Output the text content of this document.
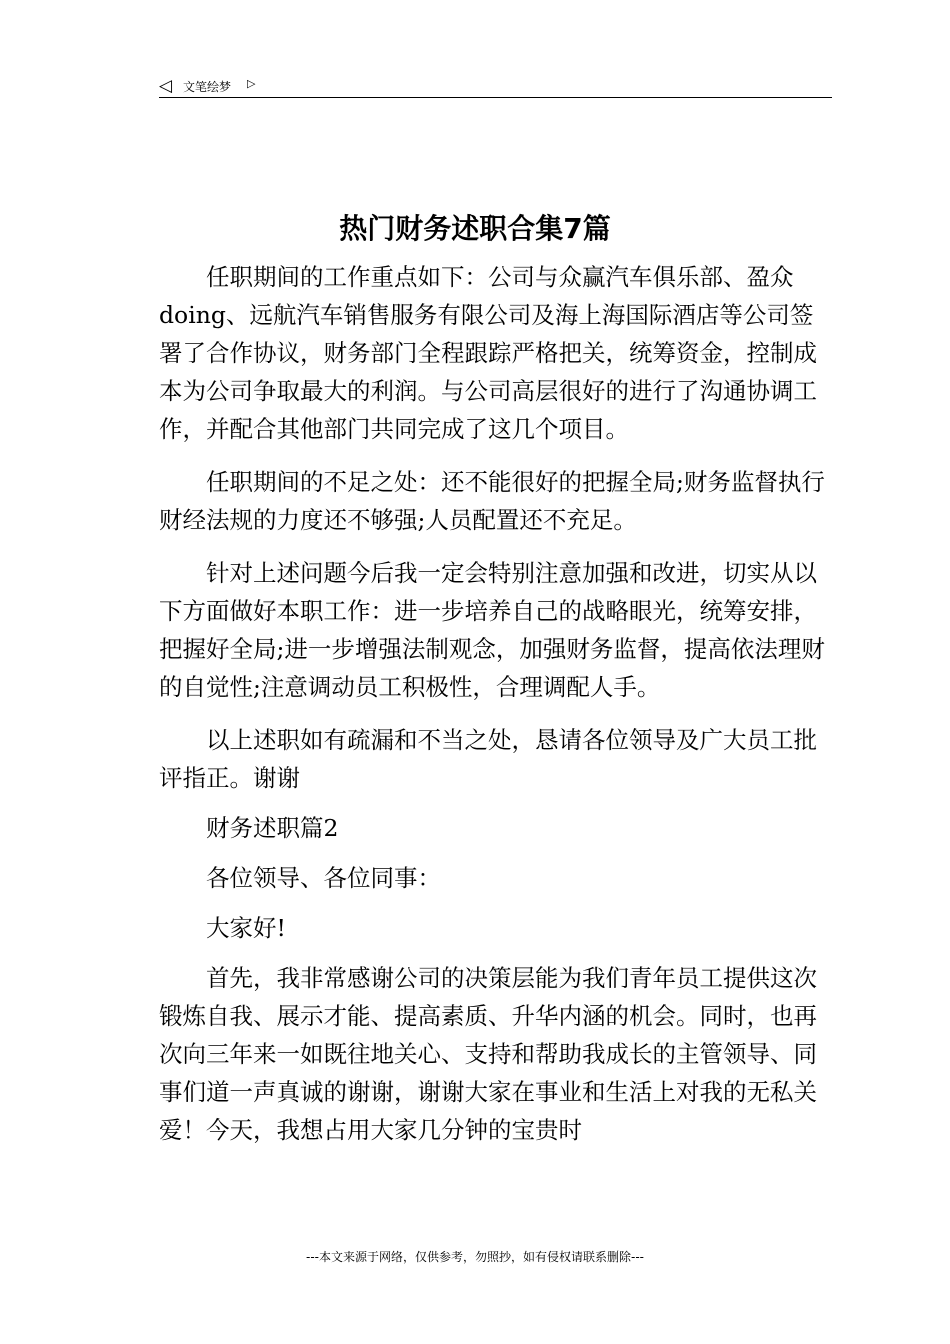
◁ 文笔绘梦 ▷
热门财务述职合集7篇

任职期间的工作重点如下：公司与众赢汽车俱乐部、盈众doing、远航汽车销售服务有限公司及海上海国际酒店等公司签署了合作协议，财务部门全程跟踪严格把关，统筹资金，控制成本为公司争取最大的利润。与公司高层很好的进行了沟通协调工作，并配合其他部门共同完成了这几个项目。

任职期间的不足之处：还不能很好的把握全局;财务监督执行财经法规的力度还不够强;人员配置还不充足。

针对上述问题今后我一定会特别注意加强和改进，切实从以下方面做好本职工作：进一步培养自己的战略眼光，统筹安排，把握好全局;进一步增强法制观念，加强财务监督，提高依法理财的自觉性;注意调动员工积极性，合理调配人手。

以上述职如有疏漏和不当之处，恳请各位领导及广大员工批评指正。谢谢

财务述职篇2

各位领导、各位同事：

大家好!

首先，我非常感谢公司的决策层能为我们青年员工提供这次锻炼自我、展示才能、提高素质、升华内涵的机会。同时，也再次向三年来一如既往地关心、支持和帮助我成长的主管领导、同事们道一声真诚的谢谢，谢谢大家在事业和生活上对我的无私关爱！今天，我想占用大家几分钟的宝贵时

---本文来源于网络，仅供参考，勿照抄，如有侵权请联系删除---
